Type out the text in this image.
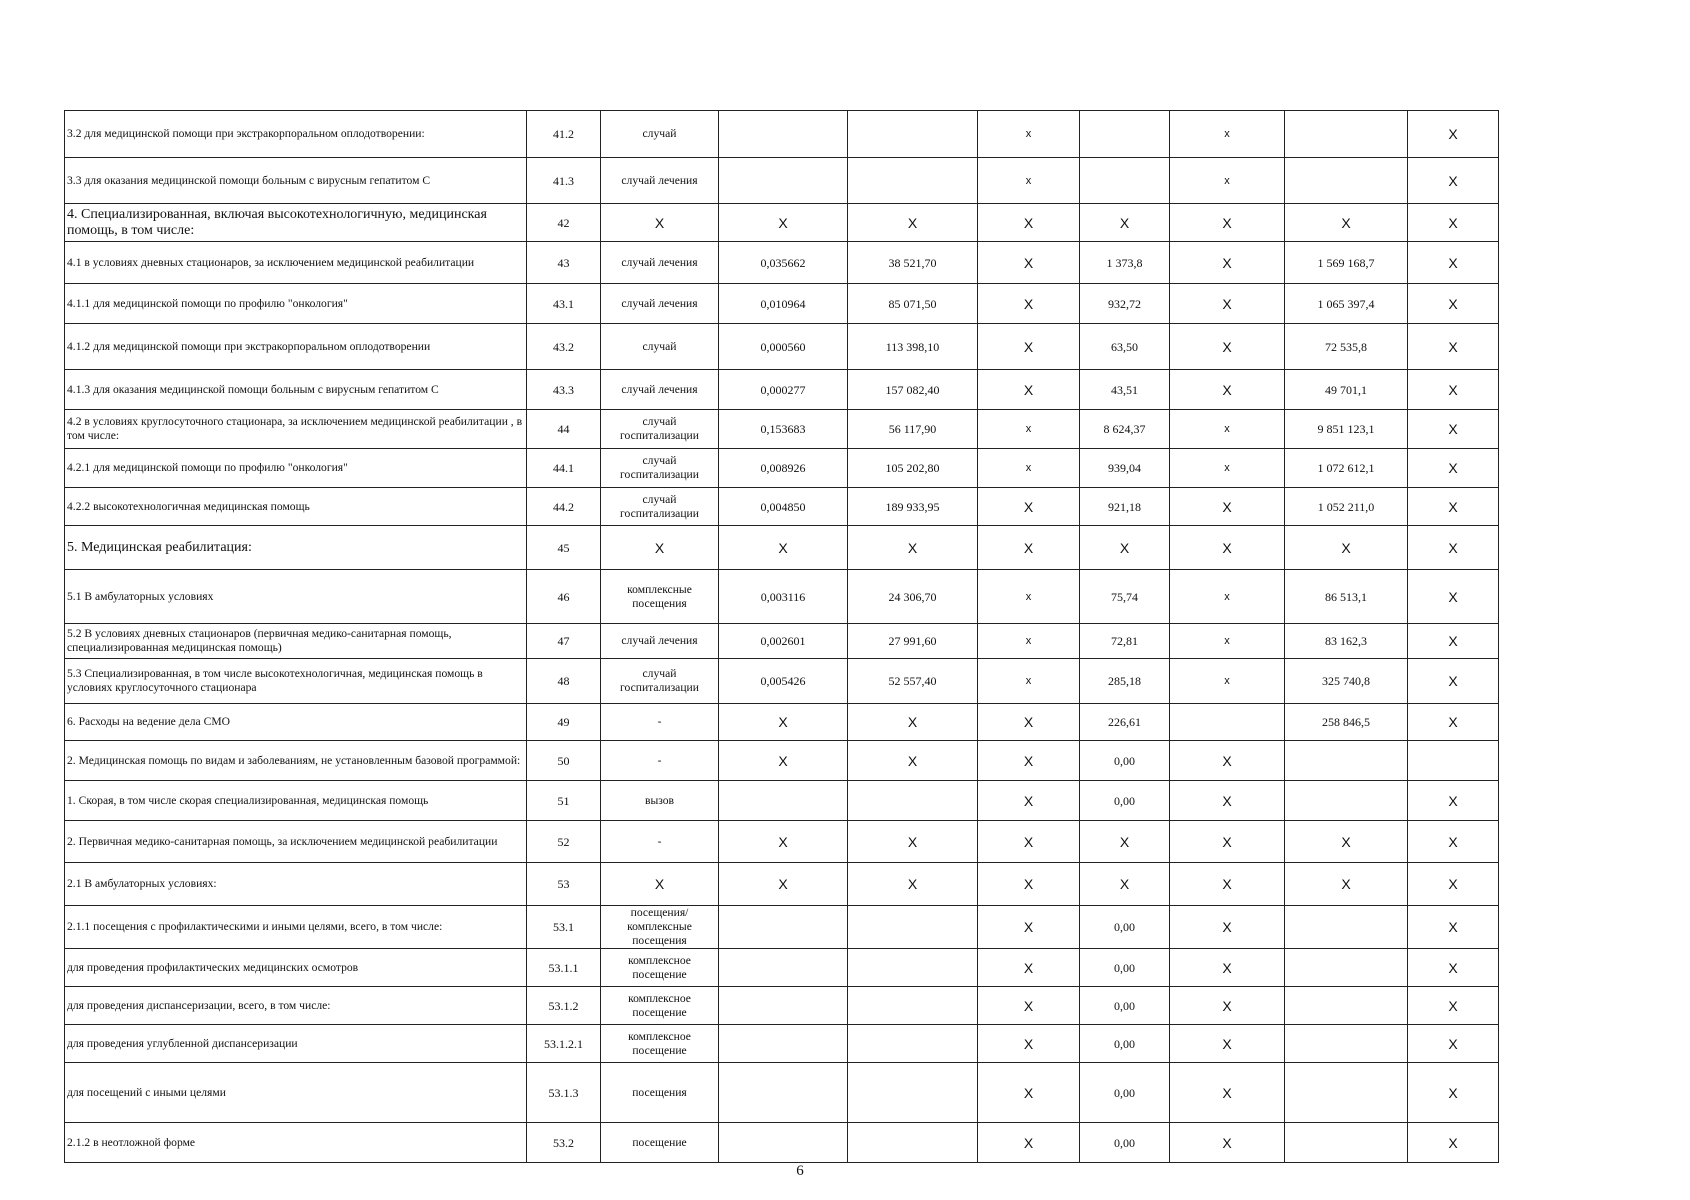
3.2 для медицинской помощи при экстракорпоральном оплодотворении:	41.2	случай			x		x		X
3.3 для оказания медицинской помощи больным с вирусным гепатитом С	41.3	случай лечения			x		x		X
4. Специализированная, включая высокотехнологичную, медицинская помощь, в том числе:	42	X	X	X	X	X	X	X	X
4.1 в условиях дневных стационаров, за исключением медицинской реабилитации	43	случай лечения	0,035662	38 521,70	X	1 373,8	X	1 569 168,7	X
4.1.1 для медицинской помощи по профилю "онкология"	43.1	случай лечения	0,010964	85 071,50	X	932,72	X	1 065 397,4	X
4.1.2 для медицинской помощи при экстракорпоральном оплодотворении	43.2	случай	0,000560	113 398,10	X	63,50	X	72 535,8	X
4.1.3 для оказания медицинской помощи больным с вирусным гепатитом С	43.3	случай лечения	0,000277	157 082,40	X	43,51	X	49 701,1	X
4.2 в условиях круглосуточного стационара, за исключением медицинской реабилитации , в том числе:	44	случай госпитализации	0,153683	56 117,90	x	8 624,37	x	9 851 123,1	X
4.2.1 для медицинской помощи по профилю "онкология"	44.1	случай госпитализации	0,008926	105 202,80	x	939,04	x	1 072 612,1	X
4.2.2 высокотехнологичная медицинская помощь	44.2	случай госпитализации	0,004850	189 933,95	X	921,18	X	1 052 211,0	X
5. Медицинская реабилитация:	45	X	X	X	X	X	X	X	X
5.1 В амбулаторных условиях	46	комплексные посещения	0,003116	24 306,70	x	75,74	x	86 513,1	X
5.2 В условиях дневных стационаров (первичная медико-санитарная помощь, специализированная медицинская помощь)	47	случай лечения	0,002601	27 991,60	x	72,81	x	83 162,3	X
5.3 Специализированная, в том числе высокотехнологичная, медицинская помощь в условиях круглосуточного стационара	48	случай госпитализации	0,005426	52 557,40	x	285,18	x	325 740,8	X
6. Расходы на ведение дела СМО	49	-	X	X	X	226,61		258 846,5	X
2. Медицинская помощь по видам и заболеваниям, не установленным базовой программой:	50	-	X	X	X	0,00	X		
1. Скорая, в том числе скорая специализированная, медицинская помощь	51	вызов			X	0,00	X		X
2. Первичная медико-санитарная помощь, за исключением медицинской реабилитации	52	-	X	X	X	X	X	X	X
2.1 В амбулаторных условиях:	53	X	X	X	X	X	X	X	X
2.1.1 посещения с профилактическими и иными целями, всего, в том числе:	53.1	посещения/комплексные посещения			X	0,00	X		X
для проведения профилактических медицинских осмотров	53.1.1	комплексное посещение			X	0,00	X		X
для проведения диспансеризации, всего, в том числе:	53.1.2	комплексное посещение			X	0,00	X		X
для проведения углубленной диспансеризации	53.1.2.1	комплексное посещение			X	0,00	X		X
для посещений с иными целями	53.1.3	посещения			X	0,00	X		X
2.1.2 в неотложной форме	53.2	посещение			X	0,00	X		X
6
